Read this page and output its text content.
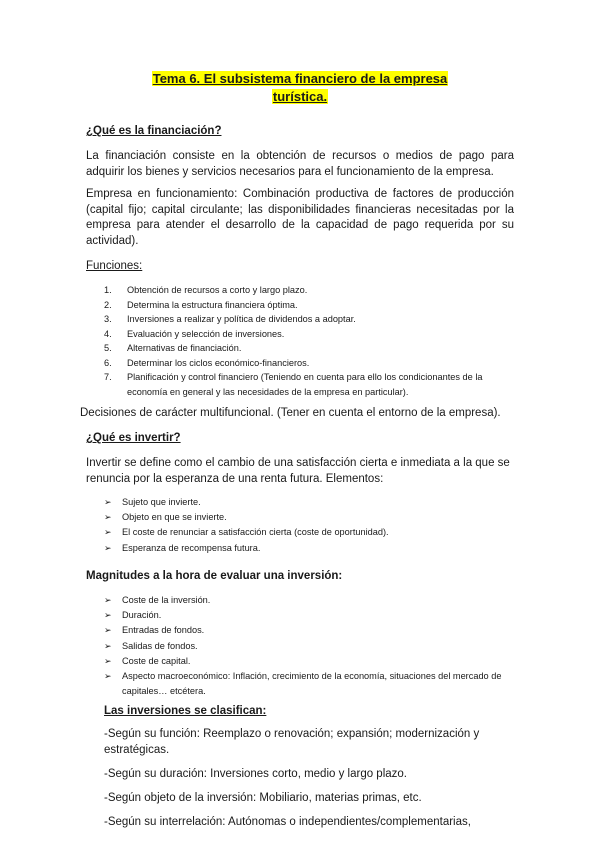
Tema 6. El subsistema financiero de la empresa
turística.
¿Qué es la financiación?
La financiación consiste en la obtención de recursos o medios de pago para adquirir los bienes y servicios necesarios para el funcionamiento de la empresa.
Empresa en funcionamiento: Combinación productiva de factores de producción (capital fijo; capital circulante; las disponibilidades financieras necesitadas por la empresa para atender el desarrollo de la capacidad de pago requerida por su actividad).
Funciones:
1.	Obtención de recursos a corto y largo plazo.
2.	Determina la estructura financiera óptima.
3.	Inversiones a realizar y política de dividendos a adoptar.
4.	Evaluación y selección de inversiones.
5.	Alternativas de financiación.
6.	Determinar los ciclos económico-financieros.
7.	Planificación y control financiero (Teniendo en cuenta para ello los condicionantes de la economía en general y las necesidades de la empresa en particular).
Decisiones de carácter multifuncional. (Tener en cuenta el entorno de la empresa).
¿Qué es invertir?
Invertir se define como el cambio de una satisfacción cierta e inmediata a la que se renuncia por la esperanza de una renta futura. Elementos:
➢ Sujeto que invierte.
➢ Objeto en que se invierte.
➢ El coste de renunciar a satisfacción cierta (coste de oportunidad).
➢ Esperanza de recompensa futura.
Magnitudes a la hora de evaluar una inversión:
➢ Coste de la inversión.
➢ Duración.
➢ Entradas de fondos.
➢ Salidas de fondos.
➢ Coste de capital.
➢ Aspecto macroeconómico: Inflación, crecimiento de la economía, situaciones del mercado de capitales… etcétera.
Las inversiones se clasifican:
-Según su función: Reemplazo o renovación; expansión; modernización y estratégicas.
-Según su duración: Inversiones corto, medio y largo plazo.
-Según objeto de la inversión: Mobiliario, materias primas, etc.
-Según su interrelación: Autónomas o independientes/complementarias,
